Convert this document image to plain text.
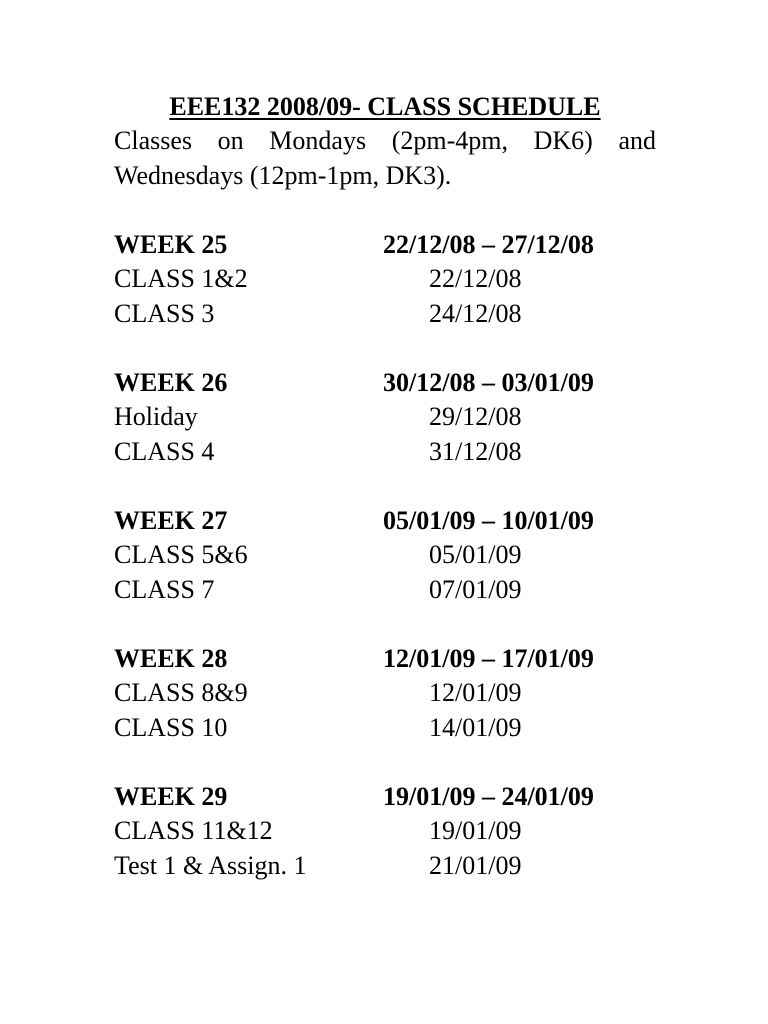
EEE132 2008/09- CLASS SCHEDULE
Classes on Mondays (2pm-4pm, DK6) and Wednesdays (12pm-1pm, DK3).
WEEK 25	22/12/08 – 27/12/08
CLASS 1&2	22/12/08
CLASS 3	24/12/08
WEEK 26	30/12/08 – 03/01/09
Holiday	29/12/08
CLASS 4	31/12/08
WEEK 27	05/01/09 – 10/01/09
CLASS 5&6	05/01/09
CLASS 7	07/01/09
WEEK 28	12/01/09 – 17/01/09
CLASS 8&9	12/01/09
CLASS 10	14/01/09
WEEK 29	19/01/09 – 24/01/09
CLASS 11&12	19/01/09
Test 1 & Assign. 1	21/01/09
